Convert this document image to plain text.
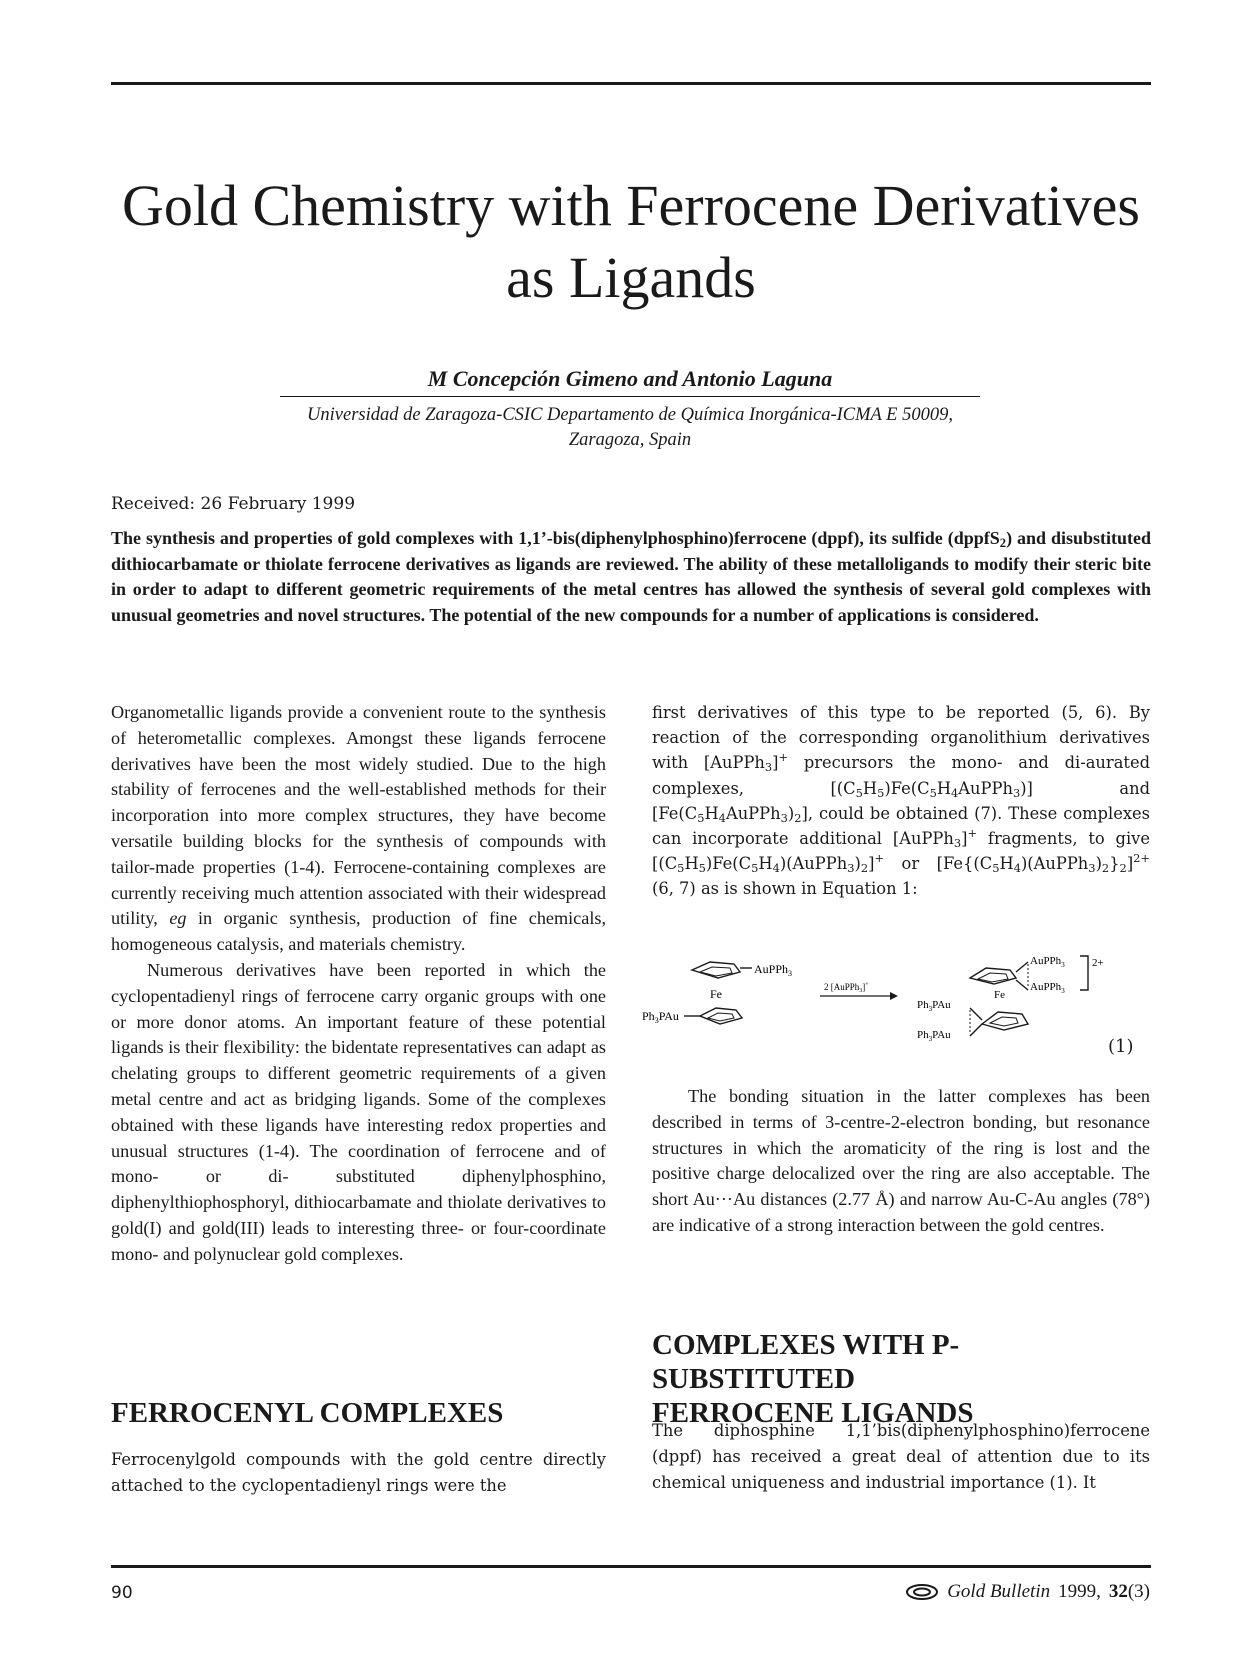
Gold Chemistry with Ferrocene Derivatives as Ligands
M Concepción Gimeno and Antonio Laguna
Universidad de Zaragoza-CSIC Departamento de Química Inorgánica-ICMA E 50009,
Zaragoza, Spain
Received: 26 February 1999

The synthesis and properties of gold complexes with 1,1’-bis(diphenylphosphino)ferrocene (dppf), its sulfide (dppfS$_2$) and disubstituted dithiocarbamate or thiolate ferrocene derivatives as ligands are reviewed. The ability of these metalloligands to modify their steric bite in order to adapt to different geometric requirements of the metal centres has allowed the synthesis of several gold complexes with unusual geometries and novel structures. The potential of the new compounds for a number of applications is considered.

Organometallic ligands provide a convenient route to the synthesis of heterometallic complexes. Amongst these ligands ferrocene derivatives have been the most widely studied. Due to the high stability of ferrocenes and the well-established methods for their incorporation into more complex structures, they have become versatile building blocks for the synthesis of compounds with tailor-made properties (1-4). Ferrocene-containing complexes are currently receiving much attention associated with their widespread utility, eg in organic synthesis, production of fine chemicals, homogeneous catalysis, and materials chemistry.

Numerous derivatives have been reported in which the cyclopentadienyl rings of ferrocene carry organic groups with one or more donor atoms. An important feature of these potential ligands is their flexibility: the bidentate representatives can adapt as chelating groups to different geometric requirements of a given metal centre and act as bridging ligands. Some of the complexes obtained with these ligands have interesting redox properties and unusual structures (1-4). The coordination of ferrocene and of mono- or di- substituted diphenylphosphino, diphenylthiophosphoryl, dithiocarbamate and thiolate derivatives to gold(I) and gold(III) leads to interesting three- or four-coordinate mono- and polynuclear gold complexes.

FERROCENYL COMPLEXES

Ferrocenylgold compounds with the gold centre directly attached to the cyclopentadienyl rings were the

first derivatives of this type to be reported (5, 6). By reaction of the corresponding organolithium derivatives with [AuPPh$_3$]+ precursors the mono- and di-aurated complexes, $[(C_5H_5)Fe(C_5H_4AuPPh_3)]$ and $[Fe(C_5H_4AuPPh_3)_2]$, could be obtained (7). These complexes can incorporate additional [AuPPh$_3$]+ fragments, to give $[(C_5H_5)Fe(C_5H_4)(AuPPh_3)_2]^+$ or $[Fe\{(C_5H_4)(AuPPh_3)_2\}_2]^{2+}$ (6, 7) as is shown in Equation 1:

AuPPh$_3$
Fe
$Ph_3PAu$
2 [AuPPh$_3$]+
AuPPh$_3$
AuPPh$_3$
2+
Fe
$Ph_3PAu$
$Ph_3PAu$
(1)

The bonding situation in the latter complexes has been described in terms of 3-centre-2-electron bonding, but resonance structures in which the aromaticity of the ring is lost and the positive charge delocalized over the ring are also acceptable. The short Au···Au distances (2.77 Å) and narrow Au-C-Au angles (78°) are indicative of a strong interaction between the gold centres.

COMPLEXES WITH P-SUBSTITUTED
FERROCENE LIGANDS

The diphosphine 1,1’bis(diphenylphosphino)ferrocene (dppf) has received a great deal of attention due to its chemical uniqueness and industrial importance (1). It

90	Gold Bulletin 1999, 32(3)
